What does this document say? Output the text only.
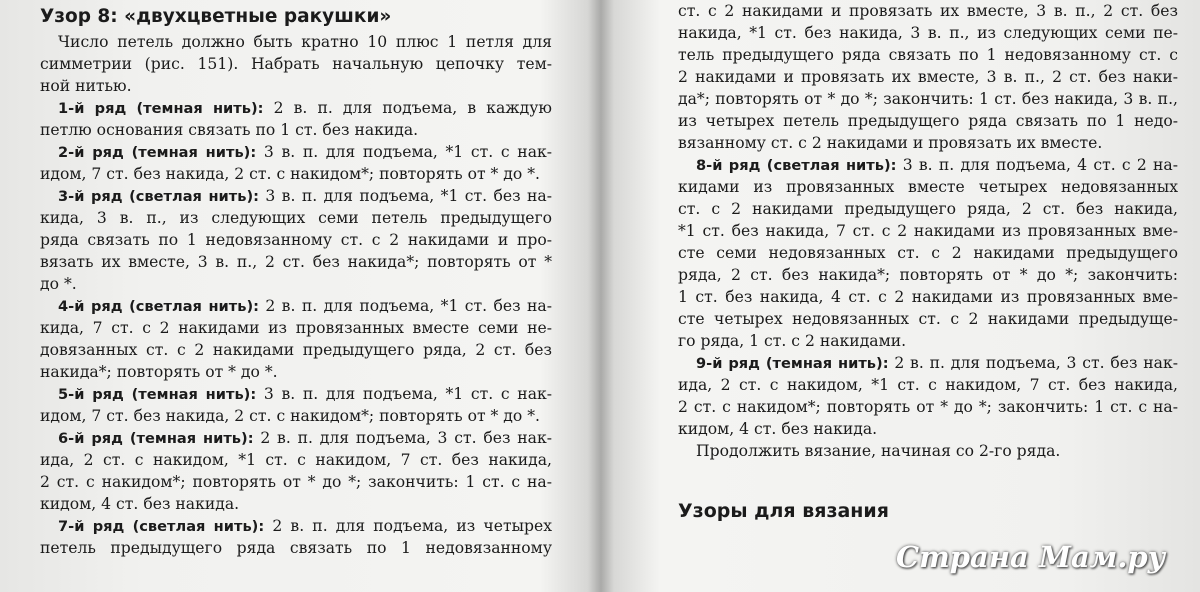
Узор 8: «двухцветные ракушки»
Число петель должно быть кратно 10 плюс 1 петля для
симметрии (рис. 151). Набрать начальную цепочку тем-
ной нитью.
1-й ряд (темная нить): 2 в. п. для подъема, в каждую
петлю основания связать по 1 ст. без накида.
2-й ряд (темная нить): 3 в. п. для подъема, *1 ст. с нак-
идом, 7 ст. без накида, 2 ст. с накидом*; повторять от * до *.
3-й ряд (светлая нить): 3 в. п. для подъема, *1 ст. без на-
кида, 3 в. п., из следующих семи петель предыдущего
ряда связать по 1 недовязанному ст. с 2 накидами и про-
вязать их вместе, 3 в. п., 2 ст. без накида*; повторять от *
до *.
4-й ряд (светлая нить): 2 в. п. для подъема, *1 ст. без на-
кида, 7 ст. с 2 накидами из провязанных вместе семи не-
довязанных ст. с 2 накидами предыдущего ряда, 2 ст. без
накида*; повторять от * до *.
5-й ряд (темная нить): 3 в. п. для подъема, *1 ст. с нак-
идом, 7 ст. без накида, 2 ст. с накидом*; повторять от * до *.
6-й ряд (темная нить): 2 в. п. для подъема, 3 ст. без нак-
ида, 2 ст. с накидом, *1 ст. с накидом, 7 ст. без накида,
2 ст. с накидом*; повторять от * до *; закончить: 1 ст. с на-
кидом, 4 ст. без накида.
7-й ряд (светлая нить): 2 в. п. для подъема, из четырех
петель предыдущего ряда связать по 1 недовязанному
ст. с 2 накидами и провязать их вместе, 3 в. п., 2 ст. без
накида, *1 ст. без накида, 3 в. п., из следующих семи пе-
тель предыдущего ряда связать по 1 недовязанному ст. с
2 накидами и провязать их вместе, 3 в. п., 2 ст. без наки-
да*; повторять от * до *; закончить: 1 ст. без накида, 3 в. п.,
из четырех петель предыдущего ряда связать по 1 недо-
вязанному ст. с 2 накидами и провязать их вместе.
8-й ряд (светлая нить): 3 в. п. для подъема, 4 ст. с 2 на-
кидами из провязанных вместе четырех недовязанных
ст. с 2 накидами предыдущего ряда, 2 ст. без накида,
*1 ст. без накида, 7 ст. с 2 накидами из провязанных вме-
сте семи недовязанных ст. с 2 накидами предыдущего
ряда, 2 ст. без накида*; повторять от * до *; закончить:
1 ст. без накида, 4 ст. с 2 накидами из провязанных вме-
сте четырех недовязанных ст. с 2 накидами предыдуще-
го ряда, 1 ст. с 2 накидами.
9-й ряд (темная нить): 2 в. п. для подъема, 3 ст. без нак-
ида, 2 ст. с накидом, *1 ст. с накидом, 7 ст. без накида,
2 ст. с накидом*; повторять от * до *; закончить: 1 ст. с на-
кидом, 4 ст. без накида.
Продолжить вязание, начиная со 2-го ряда.
Узоры для вязания
Страна Мам.ру
